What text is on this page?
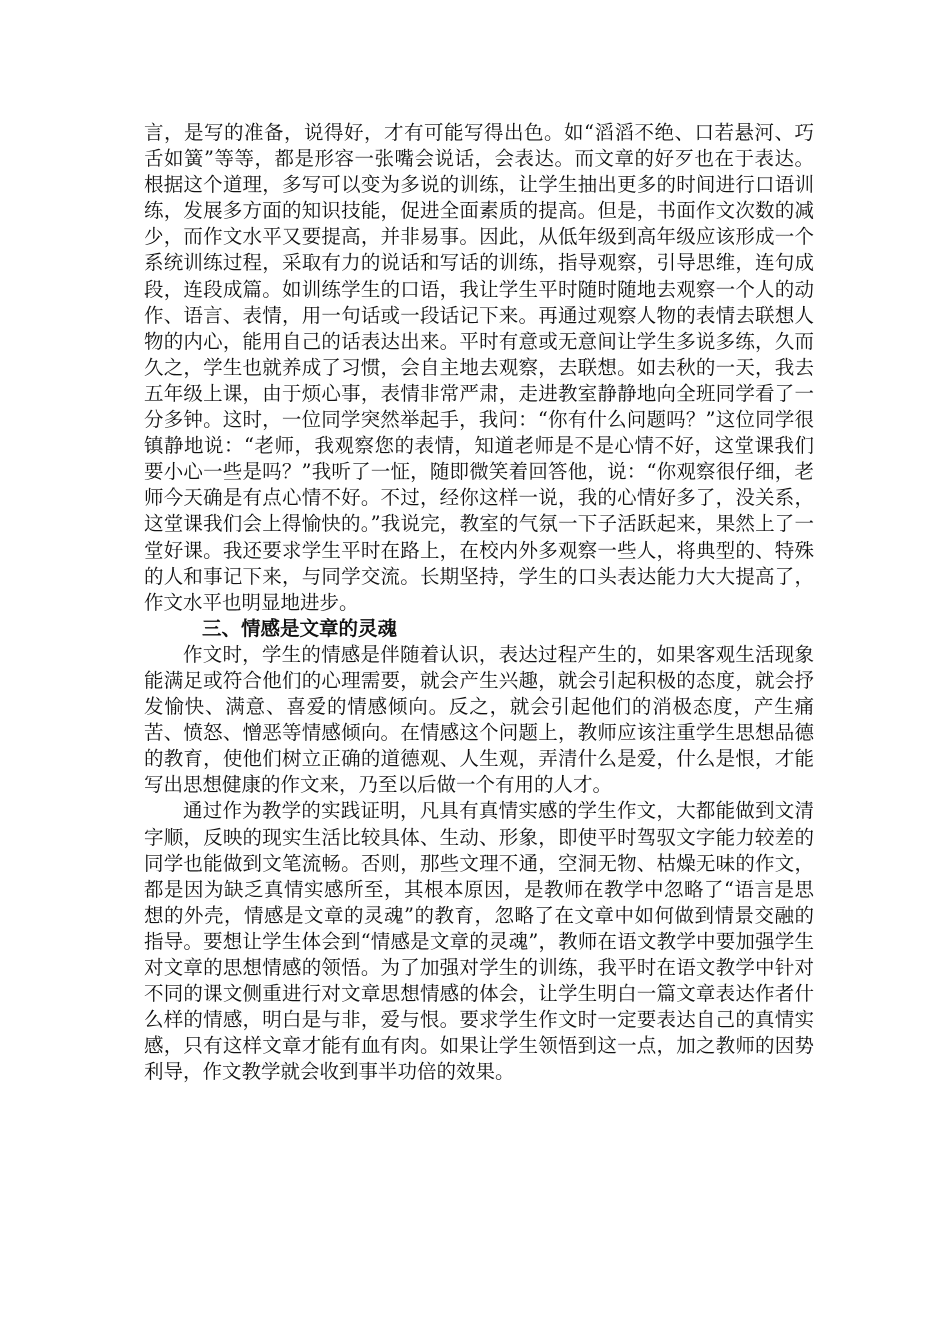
言，是写的准备，说得好，才有可能写得出色。如“滔滔不绝、口若悬河、巧舌如簧”等等，都是形容一张嘴会说话，会表达。而文章的好歹也在于表达。根据这个道理，多写可以变为多说的训练，让学生抽出更多的时间进行口语训练，发展多方面的知识技能，促进全面素质的提高。但是，书面作文次数的减少，而作文水平又要提高，并非易事。因此，从低年级到高年级应该形成一个系统训练过程，采取有力的说话和写话的训练，指导观察，引导思维，连句成段，连段成篇。如训练学生的口语，我让学生平时随时随地去观察一个人的动作、语言、表情，用一句话或一段话记下来。再通过观察人物的表情去联想人物的内心，能用自己的话表达出来。平时有意或无意间让学生多说多练，久而久之，学生也就养成了习惯，会自主地去观察，去联想。如去秋的一天，我去五年级上课，由于烦心事，表情非常严肃，走进教室静静地向全班同学看了一分多钟。这时，一位同学突然举起手，我问：“你有什么问题吗？”这位同学很镇静地说：“老师，我观察您的表情，知道老师是不是心情不好，这堂课我们要小心一些是吗？”我听了一怔，随即微笑着回答他，说：“你观察很仔细，老师今天确是有点心情不好。不过，经你这样一说，我的心情好多了，没关系，这堂课我们会上得愉快的。”我说完，教室的气氛一下子活跃起来，果然上了一堂好课。我还要求学生平时在路上，在校内外多观察一些人，将典型的、特殊的人和事记下来，与同学交流。长期坚持，学生的口头表达能力大大提高了，作文水平也明显地进步。

三、情感是文章的灵魂

作文时，学生的情感是伴随着认识，表达过程产生的，如果客观生活现象能满足或符合他们的心理需要，就会产生兴趣，就会引起积极的态度，就会抒发愉快、满意、喜爱的情感倾向。反之，就会引起他们的消极态度，产生痛苦、愤怒、憎恶等情感倾向。在情感这个问题上，教师应该注重学生思想品德的教育，使他们树立正确的道德观、人生观，弄清什么是爱，什么是恨，才能写出思想健康的作文来，乃至以后做一个有用的人才。

通过作为教学的实践证明，凡具有真情实感的学生作文，大都能做到文清字顺，反映的现实生活比较具体、生动、形象，即使平时驾驭文字能力较差的同学也能做到文笔流畅。否则，那些文理不通，空洞无物、枯燥无味的作文，都是因为缺乏真情实感所至，其根本原因，是教师在教学中忽略了“语言是思想的外壳，情感是文章的灵魂”的教育，忽略了在文章中如何做到情景交融的指导。要想让学生体会到“情感是文章的灵魂”，教师在语文教学中要加强学生对文章的思想情感的领悟。为了加强对学生的训练，我平时在语文教学中针对不同的课文侧重进行对文章思想情感的体会，让学生明白一篇文章表达作者什么样的情感，明白是与非，爱与恨。要求学生作文时一定要表达自己的真情实感，只有这样文章才能有血有肉。如果让学生领悟到这一点，加之教师的因势利导，作文教学就会收到事半功倍的效果。
